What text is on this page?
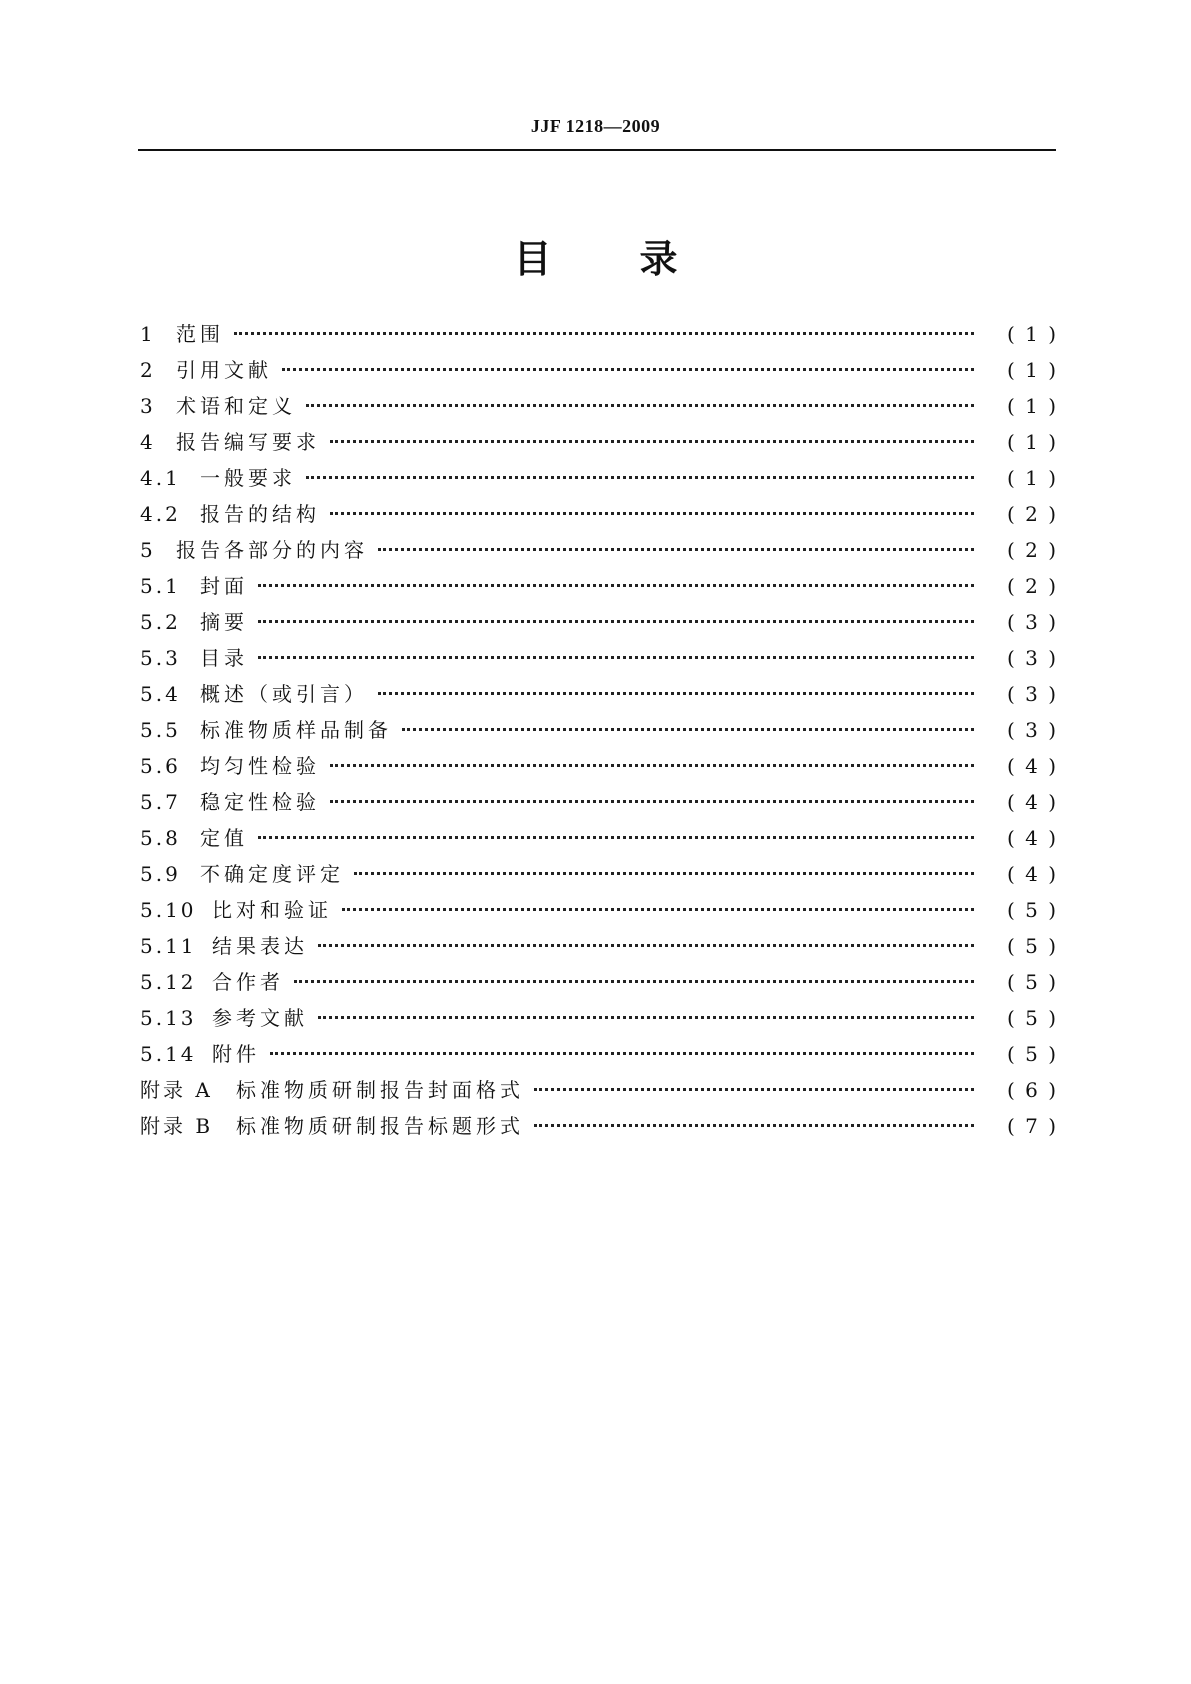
JJF 1218—2009
目 录
1	范围	( 1 )
2	引用文献	( 1 )
3	术语和定义	( 1 )
4	报告编写要求	( 1 )
4.1 一般要求	( 1 )
4.2 报告的结构	( 2 )
5	报告各部分的内容	( 2 )
5.1 封面	( 2 )
5.2 摘要	( 3 )
5.3 目录	( 3 )
5.4 概述（或引言）	( 3 )
5.5 标准物质样品制备	( 3 )
5.6 均匀性检验	( 4 )
5.7 稳定性检验	( 4 )
5.8 定值	( 4 )
5.9 不确定度评定	( 4 )
5.10 比对和验证	( 5 )
5.11 结果表达	( 5 )
5.12 合作者	( 5 )
5.13 参考文献	( 5 )
5.14 附件	( 5 )
附录 A	标准物质研制报告封面格式	( 6 )
附录 B	标准物质研制报告标题形式	( 7 )
